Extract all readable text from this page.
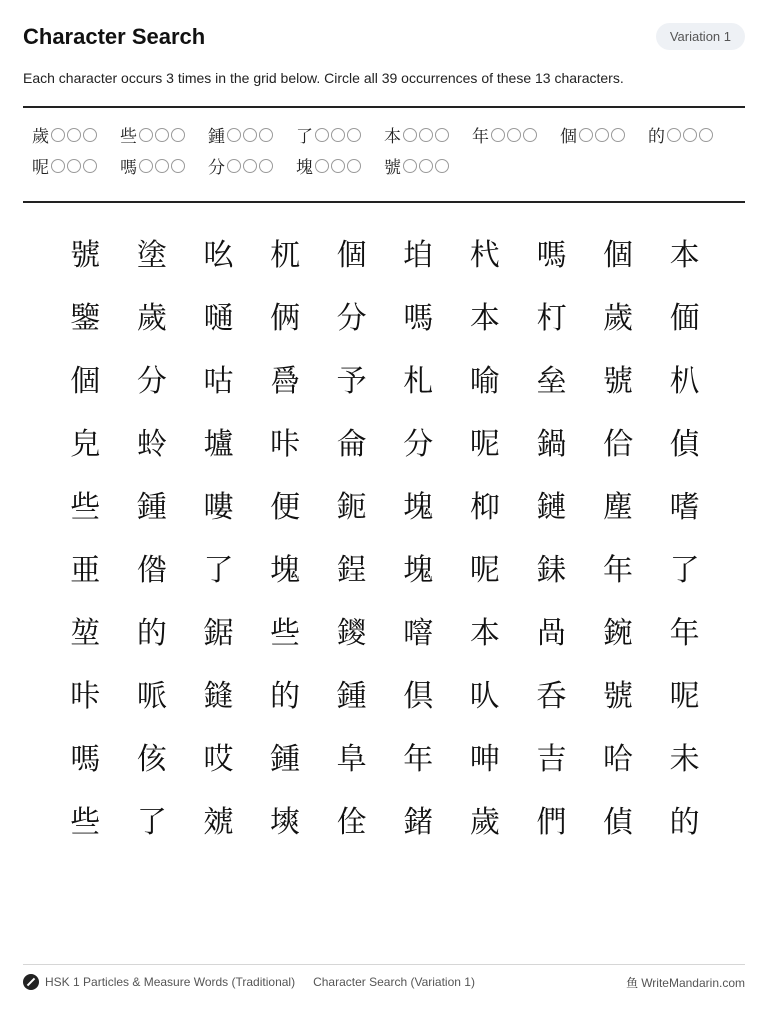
Character Search	Variation 1
Each character occurs 3 times in the grid below. Circle all 39 occurrences of these 13 characters.
歲	些	鍾	了	本	年	個	的
呢	嗎	分	塊	號
號	塗	吆	杌	個	垍	杙	嗎	個	本
鑒	歲	嗵	俩	分	嗎	本	朾	歲	偭
個	分	咕	噕	予	札	喻	垒	號	朳
皃	蛉	壚	咔	侖	分	呢	鍋	佮	偵
些	鍾	嘍	便	鈪	塊	枊	鏈	塵	嗜
亜	偺	了	塊	鋥	塊	呢	銇	年	了
堃	的	鋸	些	鑁	噾	本	咼	鋺	年
咔	哌	鏠	的	鍾	倶	㕥	呑	號	呢
嗎	侅	哎	鍾	阜	年	呻	吉	哈	未
些	了	虠	塽	佺	鍺	歲	們	偵	的
HSK 1 Particles & Measure Words (Traditional) Character Search (Variation 1)	鱼 WriteMandarin.com
